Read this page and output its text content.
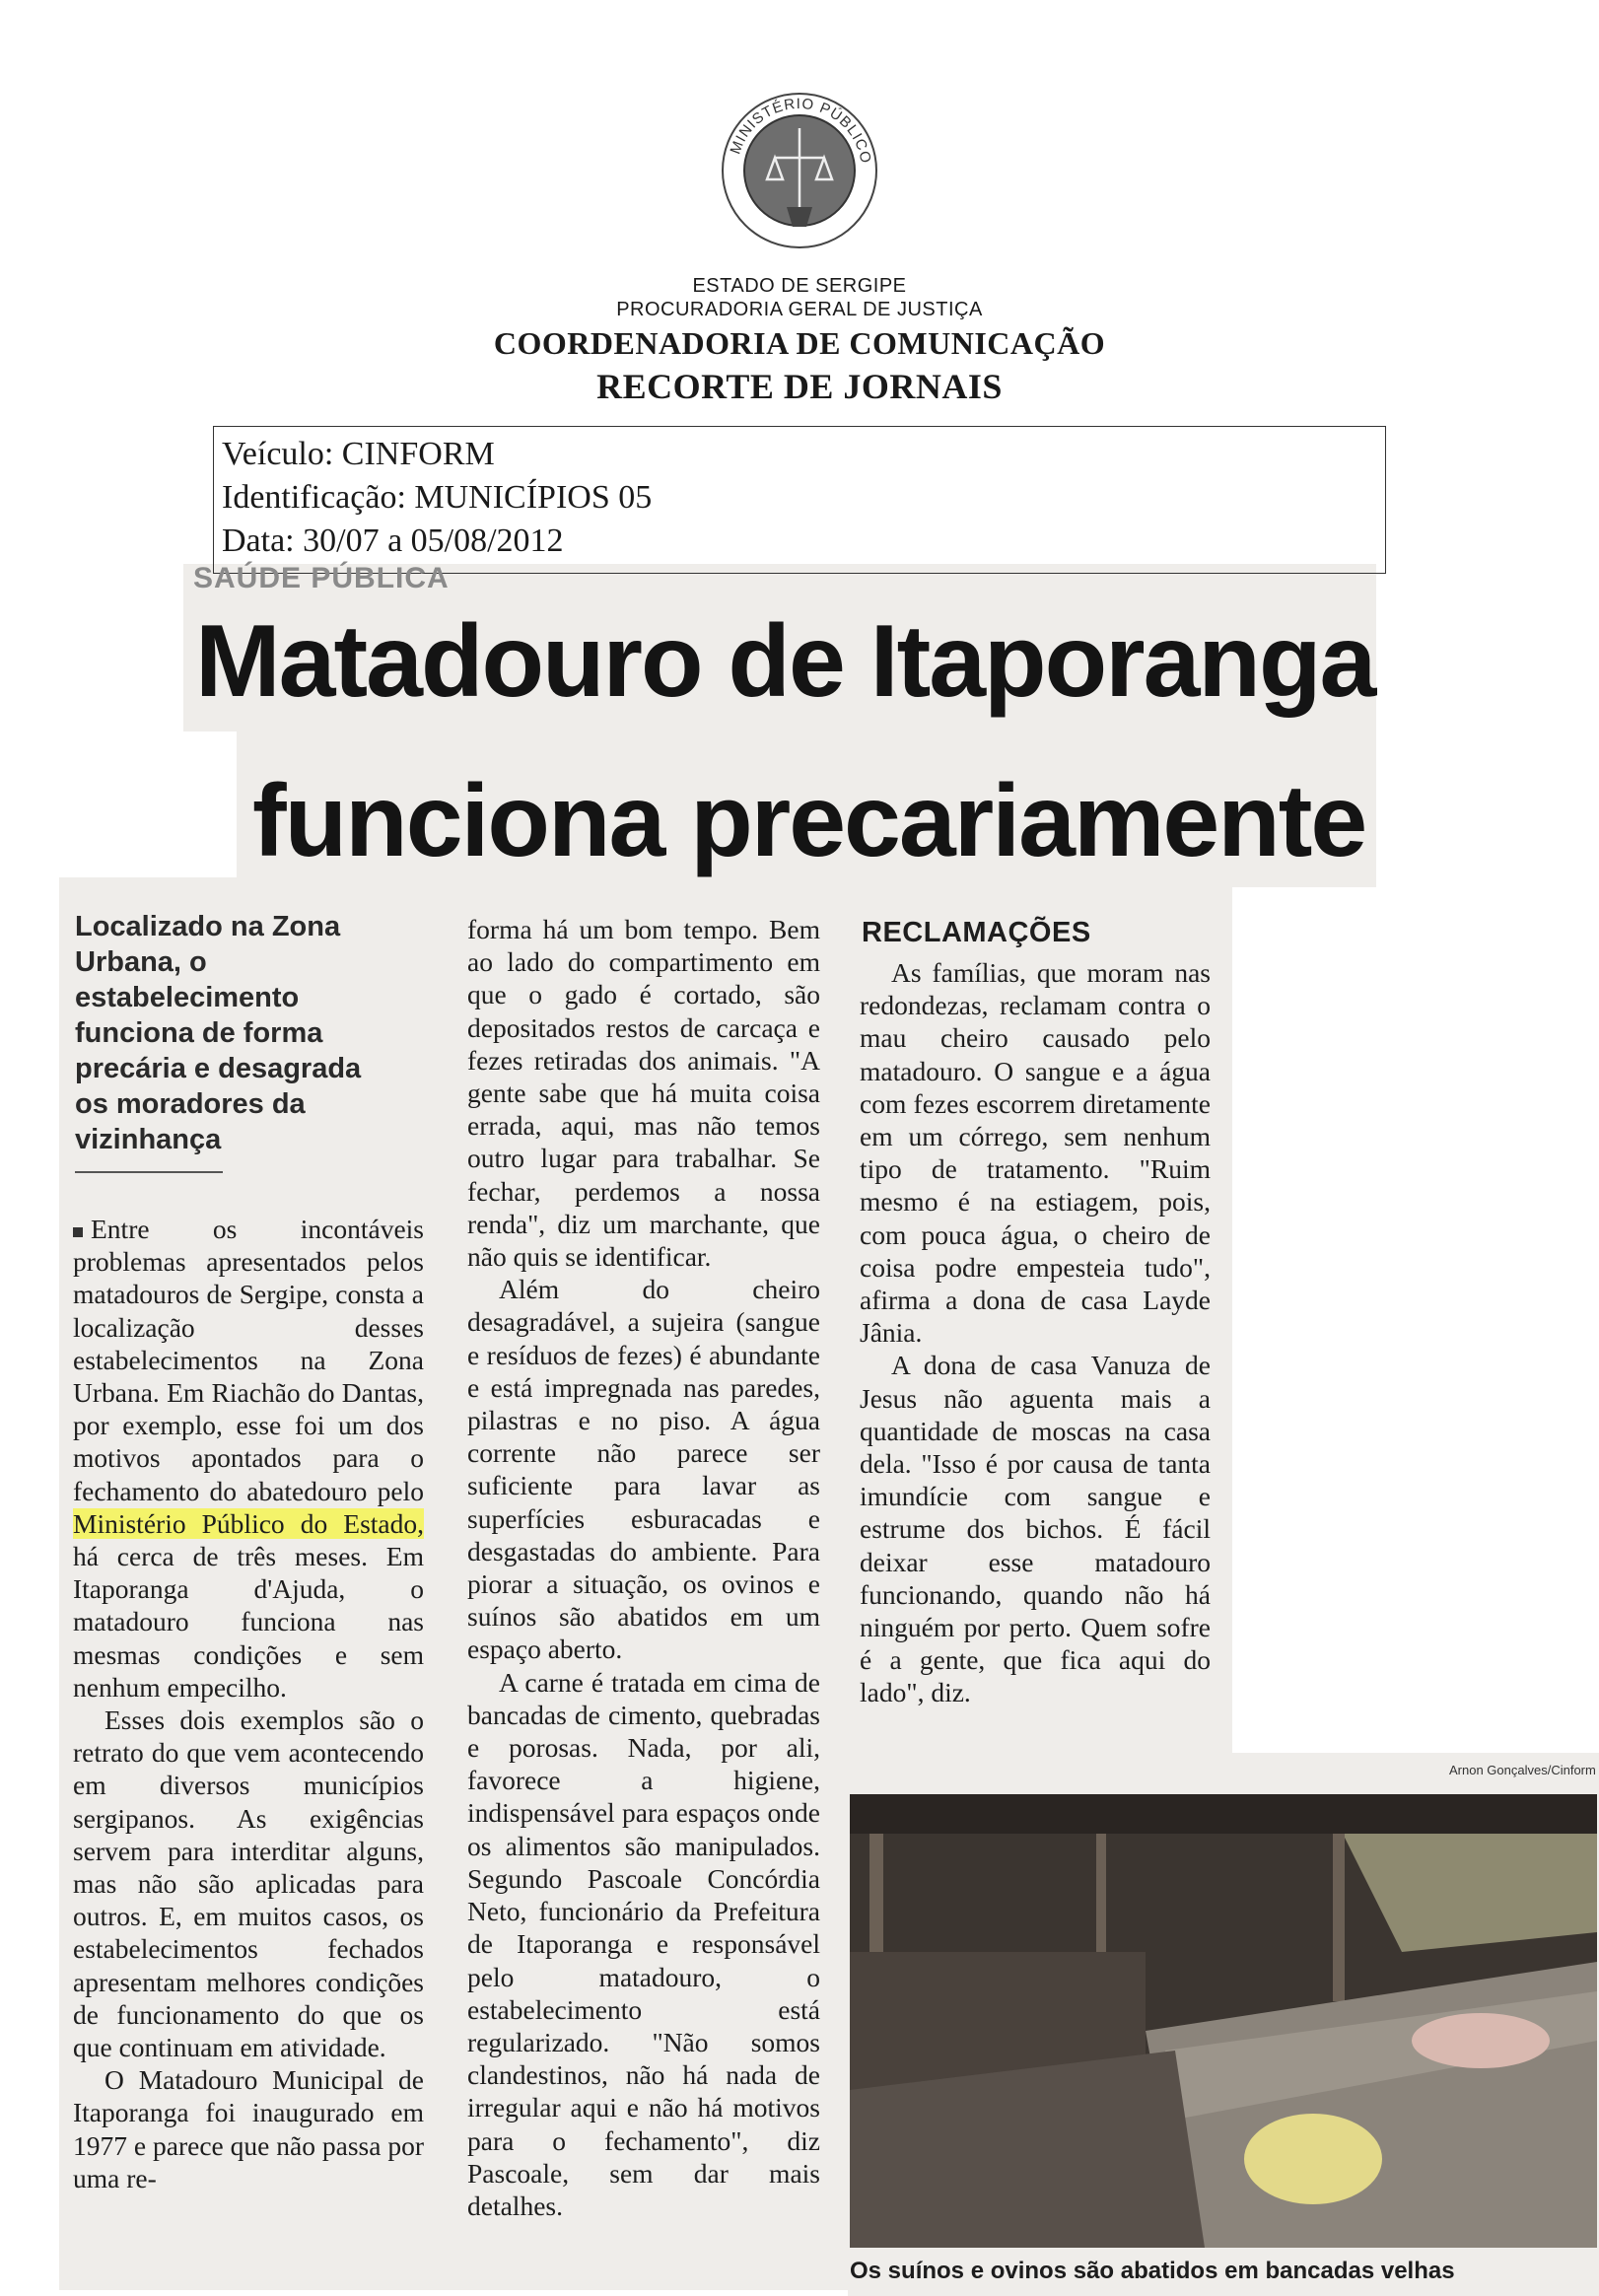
MINISTÉRIO PÚBLICO
ESTADO DE SERGIPE
PROCURADORIA GERAL DE JUSTIÇA
COORDENADORIA DE COMUNICAÇÃO
RECORTE DE JORNAIS
Veículo: CINFORM
Identificação: MUNICÍPIOS 05
Data: 30/07 a 05/08/2012
SAÚDE PÚBLICA
Matadouro de Itaporanga
funciona precariamente
Localizado na Zona Urbana, o estabelecimento funciona de forma precária e desagrada os moradores da vizinhança

Entre os incontáveis problemas apresentados pelos matadouros de Sergipe, consta a localização desses estabelecimentos na Zona Urbana. Em Riachão do Dantas, por exemplo, esse foi um dos motivos apontados para o fechamento do abatedouro pelo Ministério Público do Estado, há cerca de três meses. Em Itaporanga d'Ajuda, o matadouro funciona nas mesmas condições e sem nenhum empecilho.

Esses dois exemplos são o retrato do que vem acontecendo em diversos municípios sergipanos. As exigências servem para interditar alguns, mas não são aplicadas para outros. E, em muitos casos, os estabelecimentos fechados apresentam melhores condições de funcionamento do que os que continuam em atividade.

O Matadouro Municipal de Itaporanga foi inaugurado em 1977 e parece que não passa por uma re-

forma há um bom tempo. Bem ao lado do compartimento em que o gado é cortado, são depositados restos de carcaça e fezes retiradas dos animais. "A gente sabe que há muita coisa errada, aqui, mas não temos outro lugar para trabalhar. Se fechar, perdemos a nossa renda", diz um marchante, que não quis se identificar.

Além do cheiro desagradável, a sujeira (sangue e resíduos de fezes) é abundante e está impregnada nas paredes, pilastras e no piso. A água corrente não parece ser suficiente para lavar as superfícies esburacadas e desgastadas do ambiente. Para piorar a situação, os ovinos e suínos são abatidos em um espaço aberto.

A carne é tratada em cima de bancadas de cimento, quebradas e porosas. Nada, por ali, favorece a higiene, indispensável para espaços onde os alimentos são manipulados. Segundo Pascoale Concórdia Neto, funcionário da Prefeitura de Itaporanga e responsável pelo matadouro, o estabelecimento está regularizado. "Não somos clandestinos, não há nada de irregular aqui e não há motivos para o fechamento", diz Pascoale, sem dar mais detalhes.

RECLAMAÇÕES

As famílias, que moram nas redondezas, reclamam contra o mau cheiro causado pelo matadouro. O sangue e a água com fezes escorrem diretamente em um córrego, sem nenhum tipo de tratamento. "Ruim mesmo é na estiagem, pois, com pouca água, o cheiro de coisa podre empesteia tudo", afirma a dona de casa Layde Jânia.

A dona de casa Vanuza de Jesus não aguenta mais a quantidade de moscas na casa dela. "Isso é por causa de tanta imundície com sangue e estrume dos bichos. É fácil deixar esse matadouro funcionando, quando não há ninguém por perto. Quem sofre é a gente, que fica aqui do lado", diz.

Arnon Gonçalves/Cinform
Os suínos e ovinos são abatidos em bancadas velhas
